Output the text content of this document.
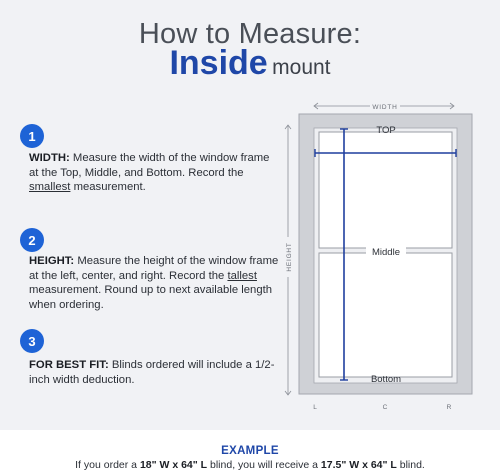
How to Measure:
Inside mount
1
WIDTH: Measure the width of the window frame at the Top, Middle, and Bottom. Record the smallest measurement.
2
HEIGHT: Measure the height of the window frame at the left, center, and right. Record the tallest measurement. Round up to next available length when ordering.
3
FOR BEST FIT: Blinds ordered will include a 1/2-inch width deduction.
WIDTH
HEIGHT
TOP
Middle
Bottom
L	C	R
EXAMPLE
If you order a 18" W x 64" L blind, you will receive a 17.5" W x 64" L blind.
